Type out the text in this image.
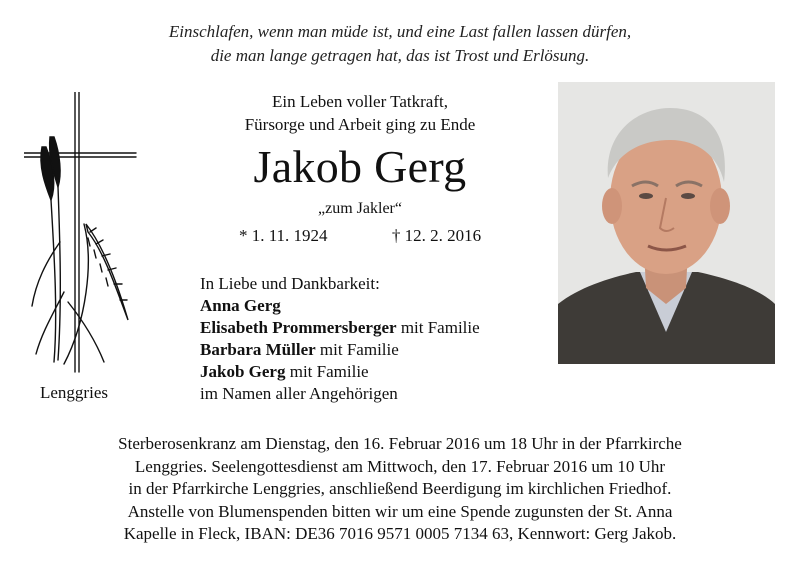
Einschlafen, wenn man müde ist, und eine Last fallen lassen dürfen,
die man lange getragen hat, das ist Trost und Erlösung.
Lenggries
Ein Leben voller Tatkraft,
Fürsorge und Arbeit ging zu Ende
Jakob Gerg
„zum Jakler“
* 1. 11. 1924	† 12. 2. 2016
In Liebe und Dankbarkeit:
Anna Gerg
Elisabeth Prommersberger mit Familie
Barbara Müller mit Familie
Jakob Gerg mit Familie
im Namen aller Angehörigen
Sterberosenkranz am Dienstag, den 16. Februar 2016 um 18 Uhr in der Pfarrkirche
Lenggries. Seelengottesdienst am Mittwoch, den 17. Februar 2016 um 10 Uhr
in der Pfarrkirche Lenggries, anschließend Beerdigung im kirchlichen Friedhof.
Anstelle von Blumenspenden bitten wir um eine Spende zugunsten der St. Anna
Kapelle in Fleck, IBAN: DE36 7016 9571 0005 7134 63, Kennwort: Gerg Jakob.
